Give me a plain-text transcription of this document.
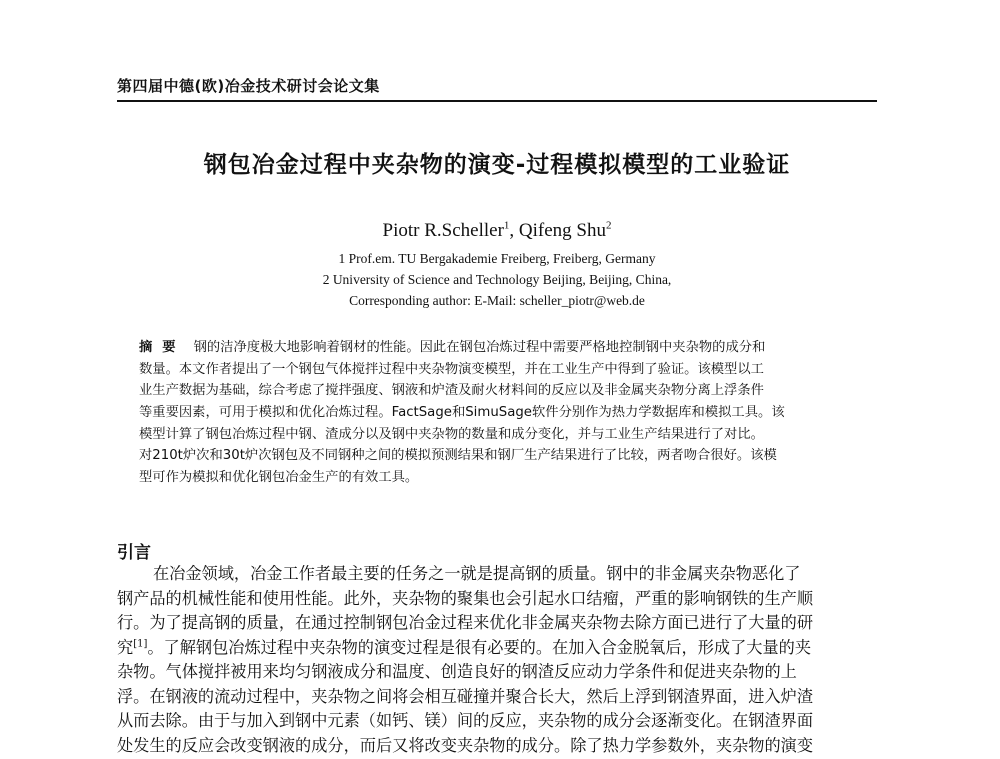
第四届中德(欧)冶金技术研讨会论文集
钢包冶金过程中夹杂物的演变-过程模拟模型的工业验证
Piotr R.Scheller$^1$, Qifeng Shu$^2$
1 Prof.em. TU Bergakademie Freiberg, Freiberg, Germany
2 University of Science and Technology Beijing, Beijing, China,
Corresponding author: E-Mail: scheller_piotr@web.de
摘要 钢的洁净度极大地影响着钢材的性能。因此在钢包冶炼过程中需要严格地控制钢中夹杂物的成分和
数量。本文作者提出了一个钢包气体搅拌过程中夹杂物演变模型，并在工业生产中得到了验证。该模型以工
业生产数据为基础，综合考虑了搅拌强度、钢液和炉渣及耐火材料间的反应以及非金属夹杂物分离上浮条件
等重要因素，可用于模拟和优化冶炼过程。FactSage和SimuSage软件分别作为热力学数据库和模拟工具。该
模型计算了钢包冶炼过程中钢、渣成分以及钢中夹杂物的数量和成分变化，并与工业生产结果进行了对比。
对210t炉次和30t炉次钢包及不同钢种之间的模拟预测结果和钢厂生产结果进行了比较，两者吻合很好。该模
型可作为模拟和优化钢包冶金生产的有效工具。
引言
在冶金领域，冶金工作者最主要的任务之一就是提高钢的质量。钢中的非金属夹杂物恶化了
钢产品的机械性能和使用性能。此外，夹杂物的聚集也会引起水口结瘤，严重的影响钢铁的生产顺
行。为了提高钢的质量，在通过控制钢包冶金过程来优化非金属夹杂物去除方面已进行了大量的研
究[1]。了解钢包冶炼过程中夹杂物的演变过程是很有必要的。在加入合金脱氧后，形成了大量的夹
杂物。气体搅拌被用来均匀钢液成分和温度、创造良好的钢渣反应动力学条件和促进夹杂物的上
浮。在钢液的流动过程中，夹杂物之间将会相互碰撞并聚合长大，然后上浮到钢渣界面，进入炉渣
从而去除。由于与加入到钢中元素（如钙、镁）间的反应，夹杂物的成分会逐渐变化。在钢渣界面
处发生的反应会改变钢液的成分，而后又将改变夹杂物的成分。除了热力学参数外，夹杂物的演变
